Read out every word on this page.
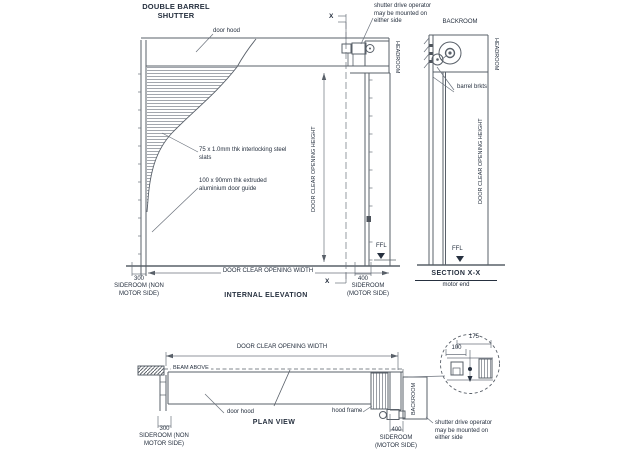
DOUBLE BARREL SHUTTER
shutter drive operator may be mounted on either side
door hood
75 x 1.0mm thk interlocking steel slats
100 x 90mm thk extruded aluminium door guide
HEADROOM
DOOR CLEAR OPENING HEIGHT
X
X
FFL
DOOR CLEAR OPENING WIDTH
300
SIDEROOM (NON MOTOR SIDE)
400
SIDEROOM (MOTOR SIDE)
INTERNAL ELEVATION
BACKROOM
HEADROOM
barrel brkts
DOOR CLEAR OPENING HEIGHT
FFL
SECTION X-X
motor end
DOOR CLEAR OPENING WIDTH
BEAM ABOVE
door hood	hood frame	BACKROOM
shutter drive operator may be mounted on either side
175
100
300
SIDEROOM (NON MOTOR SIDE)
400
SIDEROOM (MOTOR SIDE)
PLAN VIEW
